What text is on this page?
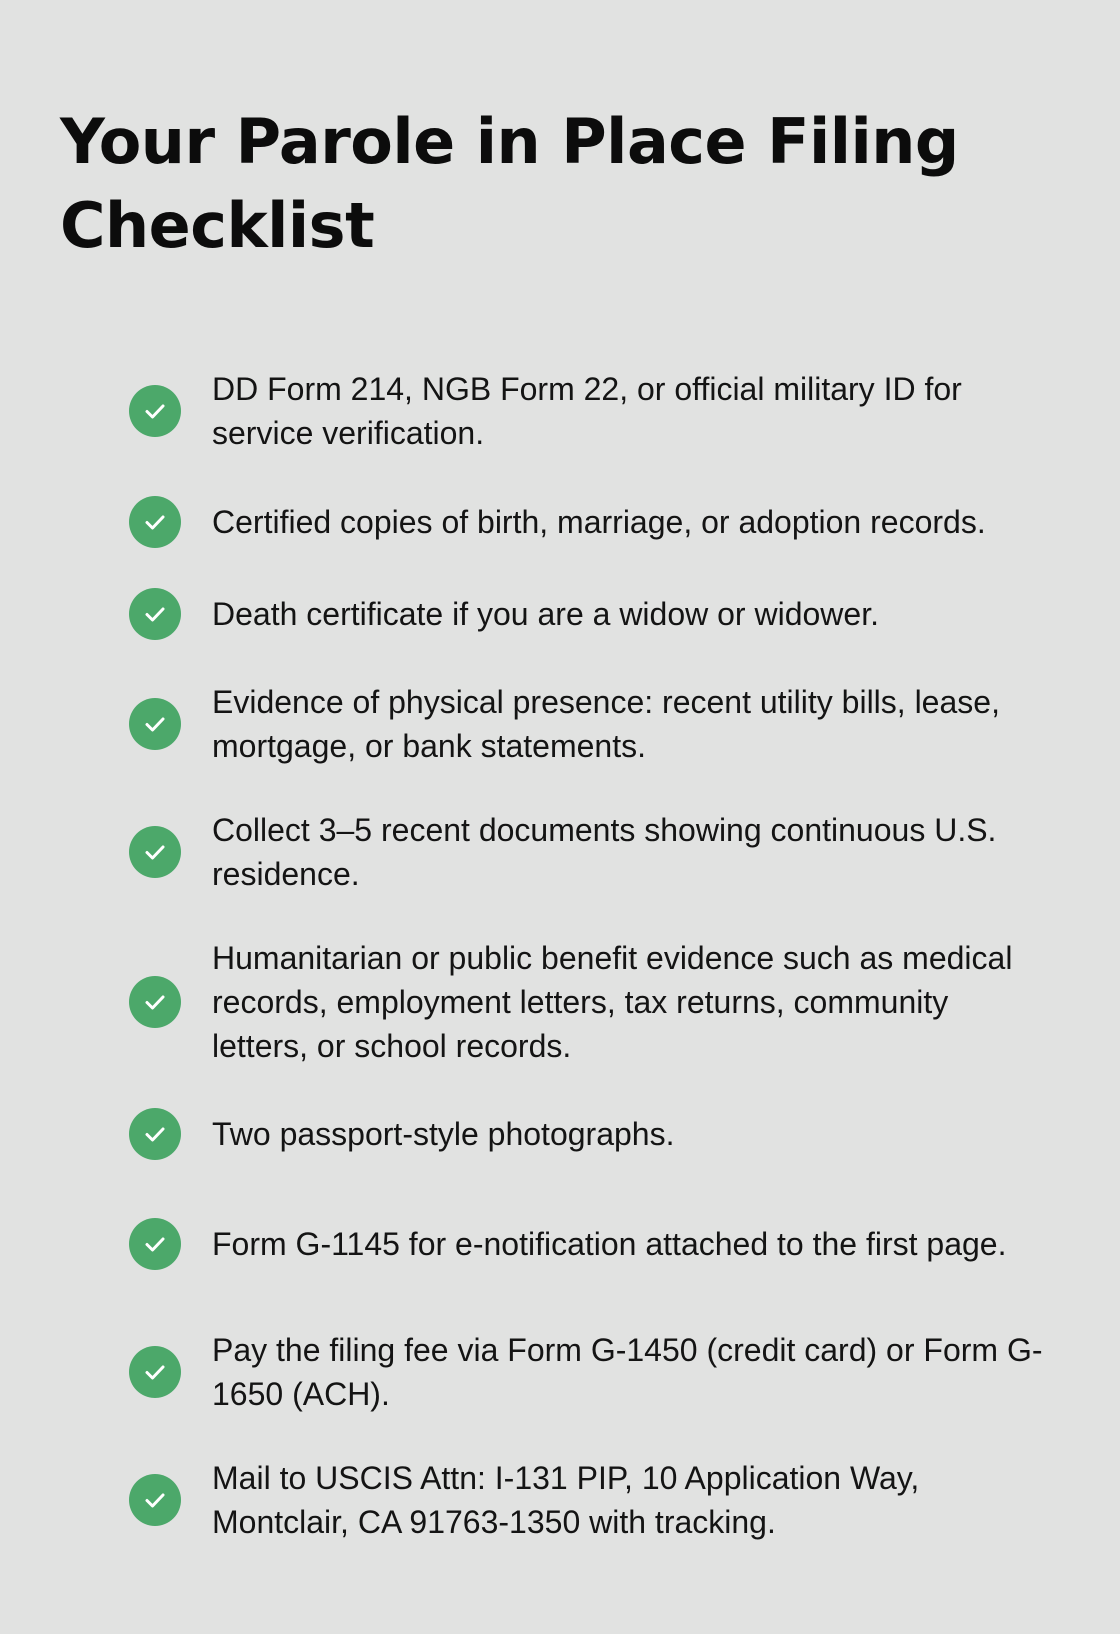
Your Parole in Place Filing Checklist
DD Form 214, NGB Form 22, or official military ID for service verification.
Certified copies of birth, marriage, or adoption records.
Death certificate if you are a widow or widower.
Evidence of physical presence: recent utility bills, lease, mortgage, or bank statements.
Collect 3–5 recent documents showing continuous U.S. residence.
Humanitarian or public benefit evidence such as medical records, employment letters, tax returns, community letters, or school records.
Two passport-style photographs.
Form G-1145 for e-notification attached to the first page.
Pay the filing fee via Form G-1450 (credit card) or Form G-1650 (ACH).
Mail to USCIS Attn: I-131 PIP, 10 Application Way, Montclair, CA 91763-1350 with tracking.
